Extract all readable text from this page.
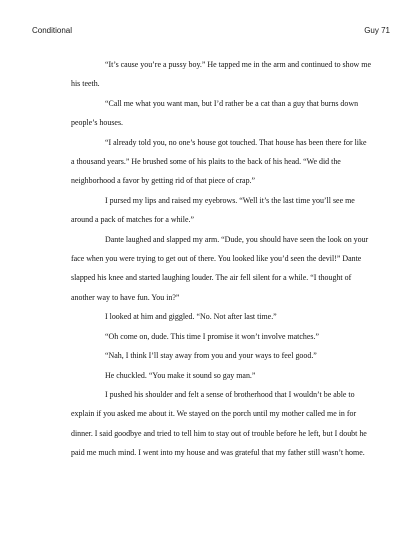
Conditional	Guy 71

“It’s cause you’re a pussy boy.” He tapped me in the arm and continued to show me his teeth.

“Call me what you want man, but I’d rather be a cat than a guy that burns down people’s houses.

“I already told you, no one’s house got touched. That house has been there for like a thousand years.” He brushed some of his plaits to the back of his head. “We did the neighborhood a favor by getting rid of that piece of crap.”

I pursed my lips and raised my eyebrows. “Well it’s the last time you’ll see me around a pack of matches for a while.”

Dante laughed and slapped my arm. “Dude, you should have seen the look on your face when you were trying to get out of there. You looked like you’d seen the devil!” Dante slapped his knee and started laughing louder. The air fell silent for a while. “I thought of another way to have fun. You in?”

I looked at him and giggled. “No. Not after last time.”

“Oh come on, dude. This time I promise it won’t involve matches.”

“Nah, I think I’ll stay away from you and your ways to feel good.”

He chuckled. “You make it sound so gay man.”

I pushed his shoulder and felt a sense of brotherhood that I wouldn’t be able to explain if you asked me about it. We stayed on the porch until my mother called me in for dinner. I said goodbye and tried to tell him to stay out of trouble before he left, but I doubt he paid me much mind. I went into my house and was grateful that my father still wasn’t home.
